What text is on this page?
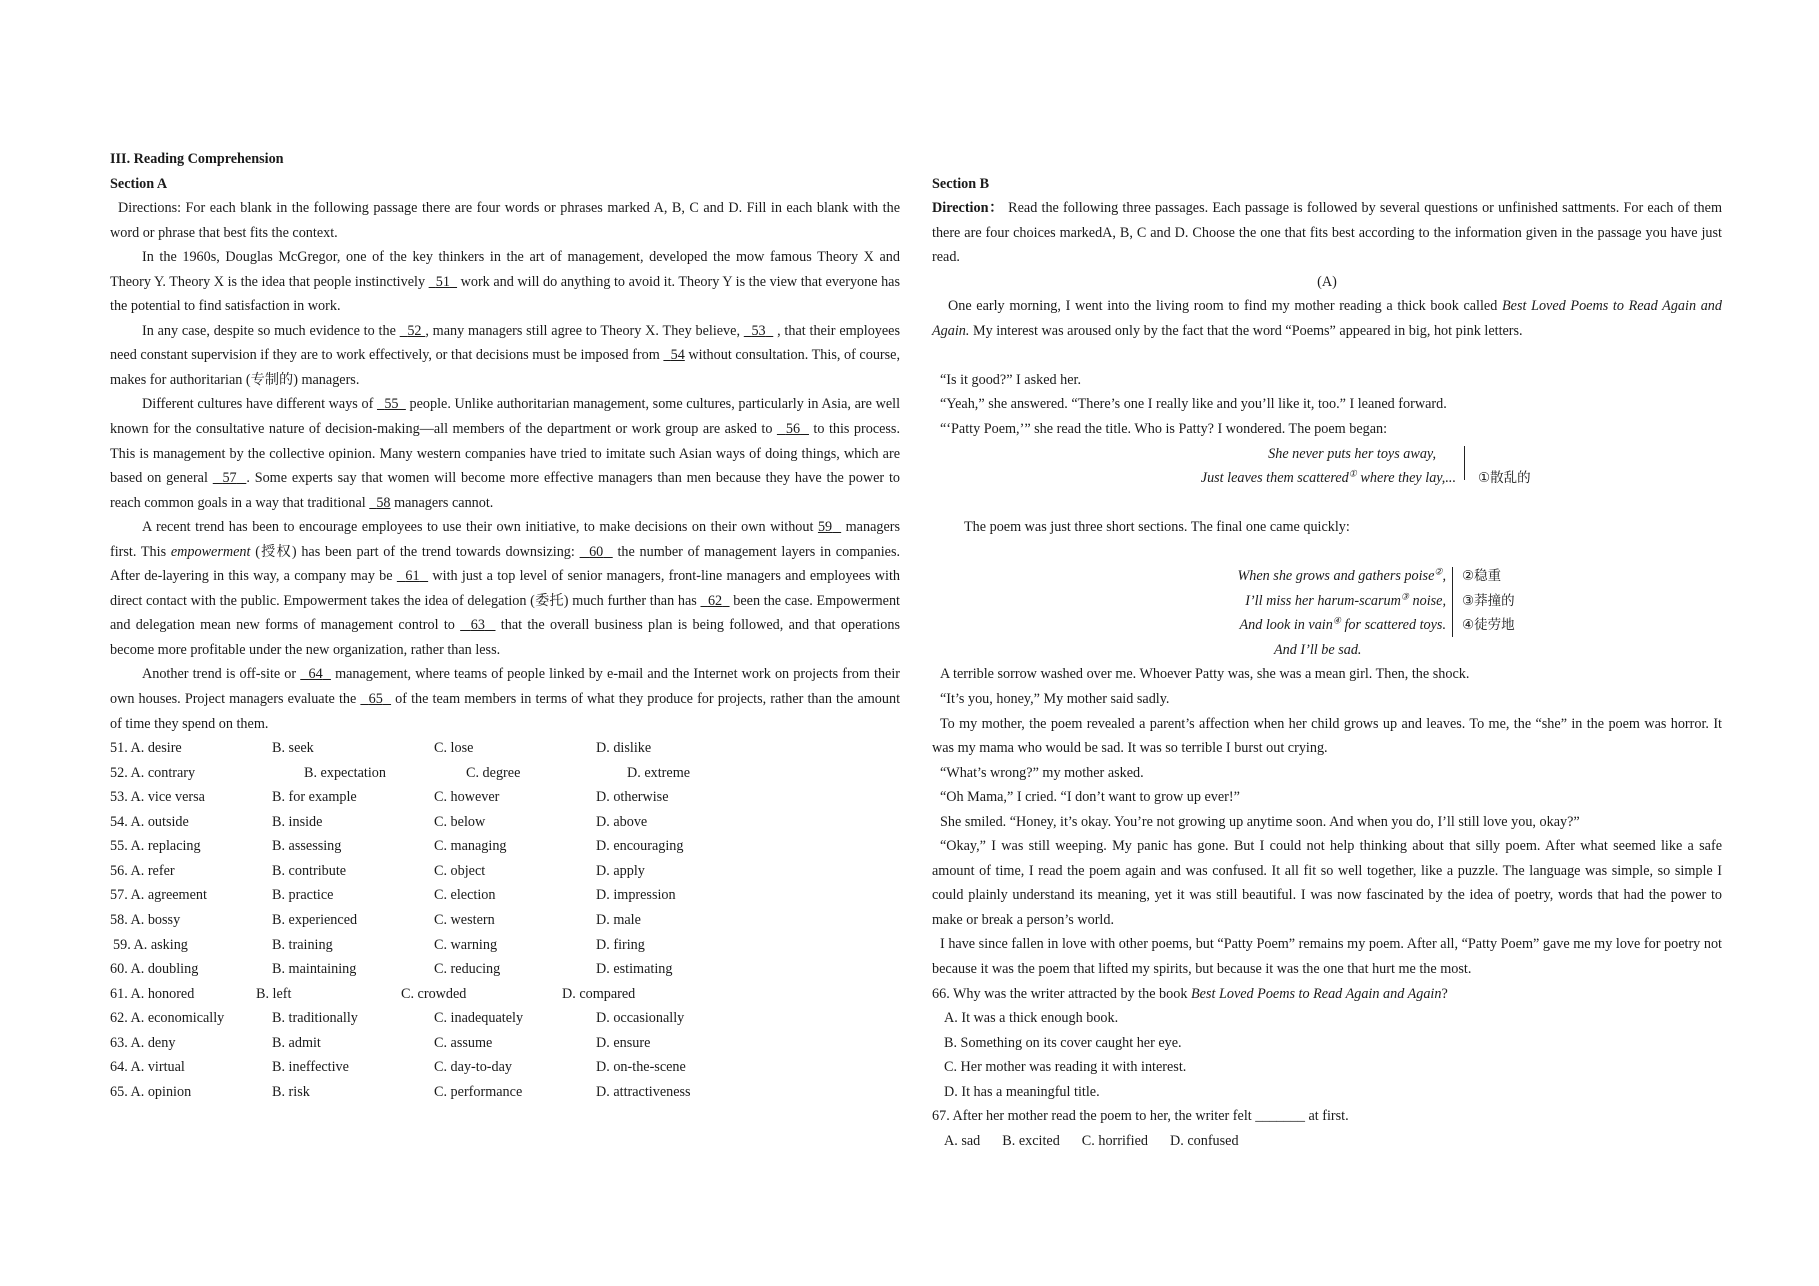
III. Reading Comprehension

Section A

Directions: For each blank in the following passage there are four words or phrases marked A, B, C and D. Fill in each blank with the word or phrase that best fits the context.

In the 1960s, Douglas McGregor, one of the key thinkers in the art of management, developed the mow famous Theory X and Theory Y. Theory X is the idea that people instinctively   51   work and will do anything to avoid it. Theory Y is the view that everyone has the potential to find satisfaction in work.

In any case, despite so much evidence to the   52 , many managers still agree to Theory X. They believe,   53   , that their employees need constant supervision if they are to work effectively, or that decisions must be imposed from   54 without consultation. This, of course, makes for authoritarian (专制的) managers.

Different cultures have different ways of   55   people. Unlike authoritarian management, some cultures, particularly in Asia, are well known for the consultative nature of decision-making—all members of the department or work group are asked to   56   to this process. This is management by the collective opinion. Many western companies have tried to imitate such Asian ways of doing things, which are based on general   57 . Some experts say that women will become more effective managers than men because they have the power to reach common goals in a way that traditional   58 managers cannot.

A recent trend has been to encourage employees to use their own initiative, to make decisions on their own without 59   managers first. This empowerment (授权) has been part of the trend towards downsizing:   60   the number of management layers in companies. After de-layering in this way, a company may be   61   with just a top level of senior managers, front-line managers and employees with direct contact with the public. Empowerment takes the idea of delegation (委托) much further than has   62   been the case. Empowerment and delegation mean new forms of management control to   63   that the overall business plan is being followed, and that operations become more profitable under the new organization, rather than less.

Another trend is off-site or   64   management, where teams of people linked by e-mail and the Internet work on projects from their own houses. Project managers evaluate the   65   of the team members in terms of what they produce for projects, rather than the amount of time they spend on them.

51. A. desire	B. seek	C. lose	D. dislike
52. A. contrary	B. expectation	C. degree	D. extreme
53. A. vice versa	B. for example	C. however	D. otherwise
54. A. outside	B. inside	C. below	D. above
55. A. replacing	B. assessing	C. managing	D. encouraging
56. A. refer	B. contribute	C. object	D. apply
57. A. agreement	B. practice	C. election	D. impression
58. A. bossy	B. experienced	C. western	D. male
59. A. asking	B. training	C. warning	D. firing
60. A. doubling	B. maintaining	C. reducing	D. estimating
61. A. honored	B. left	C. crowded	D. compared
62. A. economically	B. traditionally	C. inadequately	D. occasionally
63. A. deny	B. admit	C. assume	D. ensure
64. A. virtual	B. ineffective	C. day-to-day	D. on-the-scene
65. A. opinion	B. risk	C. performance	D. attractiveness

Section B

Direction： Read the following three passages. Each passage is followed by several questions or unfinished sattments. For each of them there are four choices markedA, B, C and D. Choose the one that fits best according to the information given in the passage you have just read.

(A)

One early morning, I went into the living room to find my mother reading a thick book called Best Loved Poems to Read Again and Again. My interest was aroused only by the fact that the word “Poems” appeared in big, hot pink letters.

“Is it good?” I asked her.

“Yeah,” she answered. “There’s one I really like and you’ll like it, too.” I leaned forward.

“‘Patty Poem,’” she read the title. Who is Patty? I wondered. The poem began:

She never puts her toys away,

Just leaves them scattered① where they lay,... ①散乱的

The poem was just three short sections. The final one came quickly:

When she grows and gathers poise②,

I’ll miss her harum-scarum③ noise,

And look in vain④ for scattered toys.

And I’ll be sad.

②稳重
③莽撞的
④徒劳地

A terrible sorrow washed over me. Whoever Patty was, she was a mean girl. Then, the shock.

“It’s you, honey,” My mother said sadly.

To my mother, the poem revealed a parent’s affection when her child grows up and leaves. To me, the “she” in the poem was horror. It was my mama who would be sad. It was so terrible I burst out crying.

“What’s wrong?” my mother asked.

“Oh Mama,” I cried. “I don’t want to grow up ever!”

She smiled. “Honey, it’s okay. You’re not growing up anytime soon. And when you do, I’ll still love you, okay?”

“Okay,” I was still weeping. My panic has gone. But I could not help thinking about that silly poem. After what seemed like a safe amount of time, I read the poem again and was confused. It all fit so well together, like a puzzle. The language was simple, so simple I could plainly understand its meaning, yet it was still beautiful. I was now fascinated by the idea of poetry, words that had the power to make or break a person’s world.

I have since fallen in love with other poems, but “Patty Poem” remains my poem. After all, “Patty Poem” gave me my love for poetry not because it was the poem that lifted my spirits, but because it was the one that hurt me the most.

66. Why was the writer attracted by the book Best Loved Poems to Read Again and Again?

A. It was a thick enough book.

B. Something on its cover caught her eye.

C. Her mother was reading it with interest.

D. It has a meaningful title.

67. After her mother read the poem to her, the writer felt _______ at first.

A. sad B. excited C. horrified D. confused
